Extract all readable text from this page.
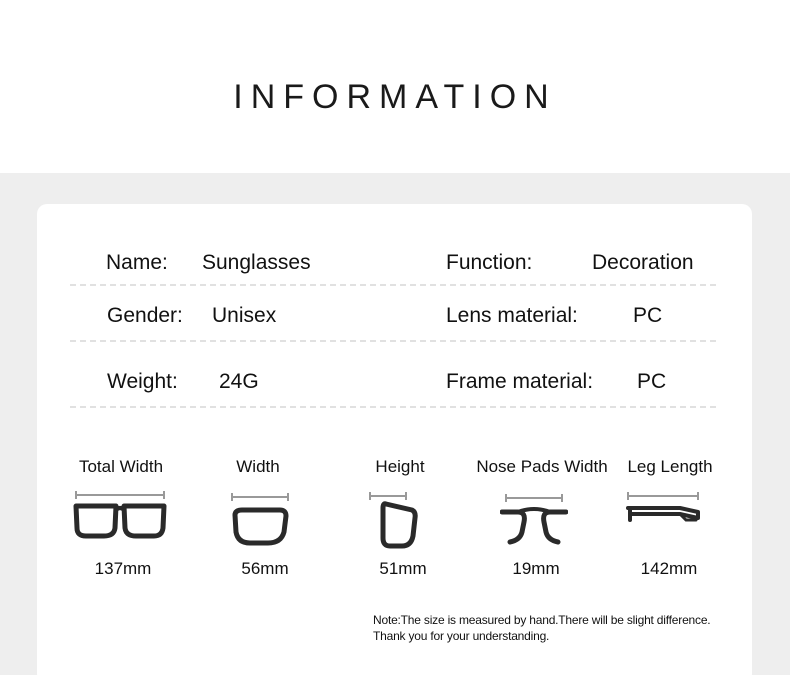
INFORMATION
Name: Sunglasses	Function:	Decoration
Gender: Unisex	Lens material:	PC
Weight: 24G	Frame material: PC
Total Width	Width	Height	Nose Pads Width	Leg Length
137mm	56mm	51mm	19mm	142mm
Note:The size is measured by hand.There will be slight difference.
Thank you for your understanding.
